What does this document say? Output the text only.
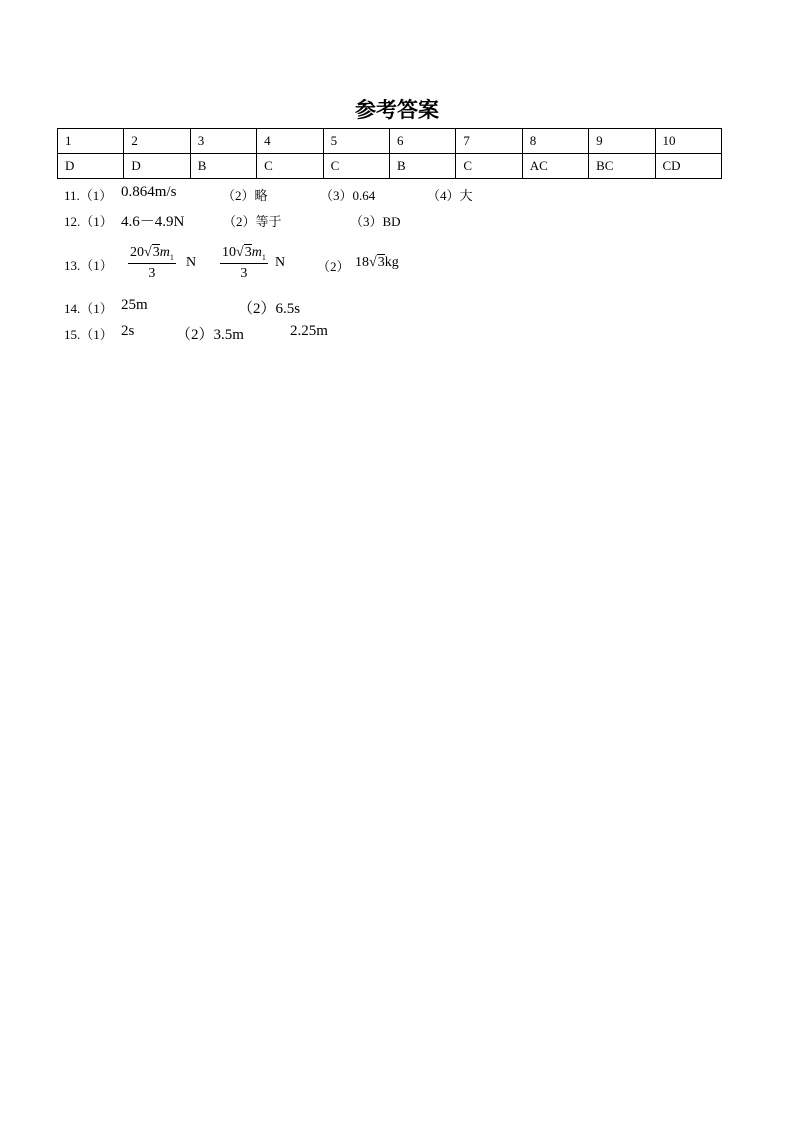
参考答案
1	2	3	4	5	6	7	8	9	10
D	D	B	C	C	B	C	AC	BC	CD
11.（1） 0.864m/s	（2）略	（3）0.64	（4）大
12.（1） 4.6－4.9N	（2）等于	（3）BD
$13.(1) \frac{20√3m_1}{3}$ N $\frac{10√3m_1}{3}$ N （2） 18√3kg
14.（1） 25m	（2）6.5s
15.（1） 2s	（2）3.5m	2.25m
